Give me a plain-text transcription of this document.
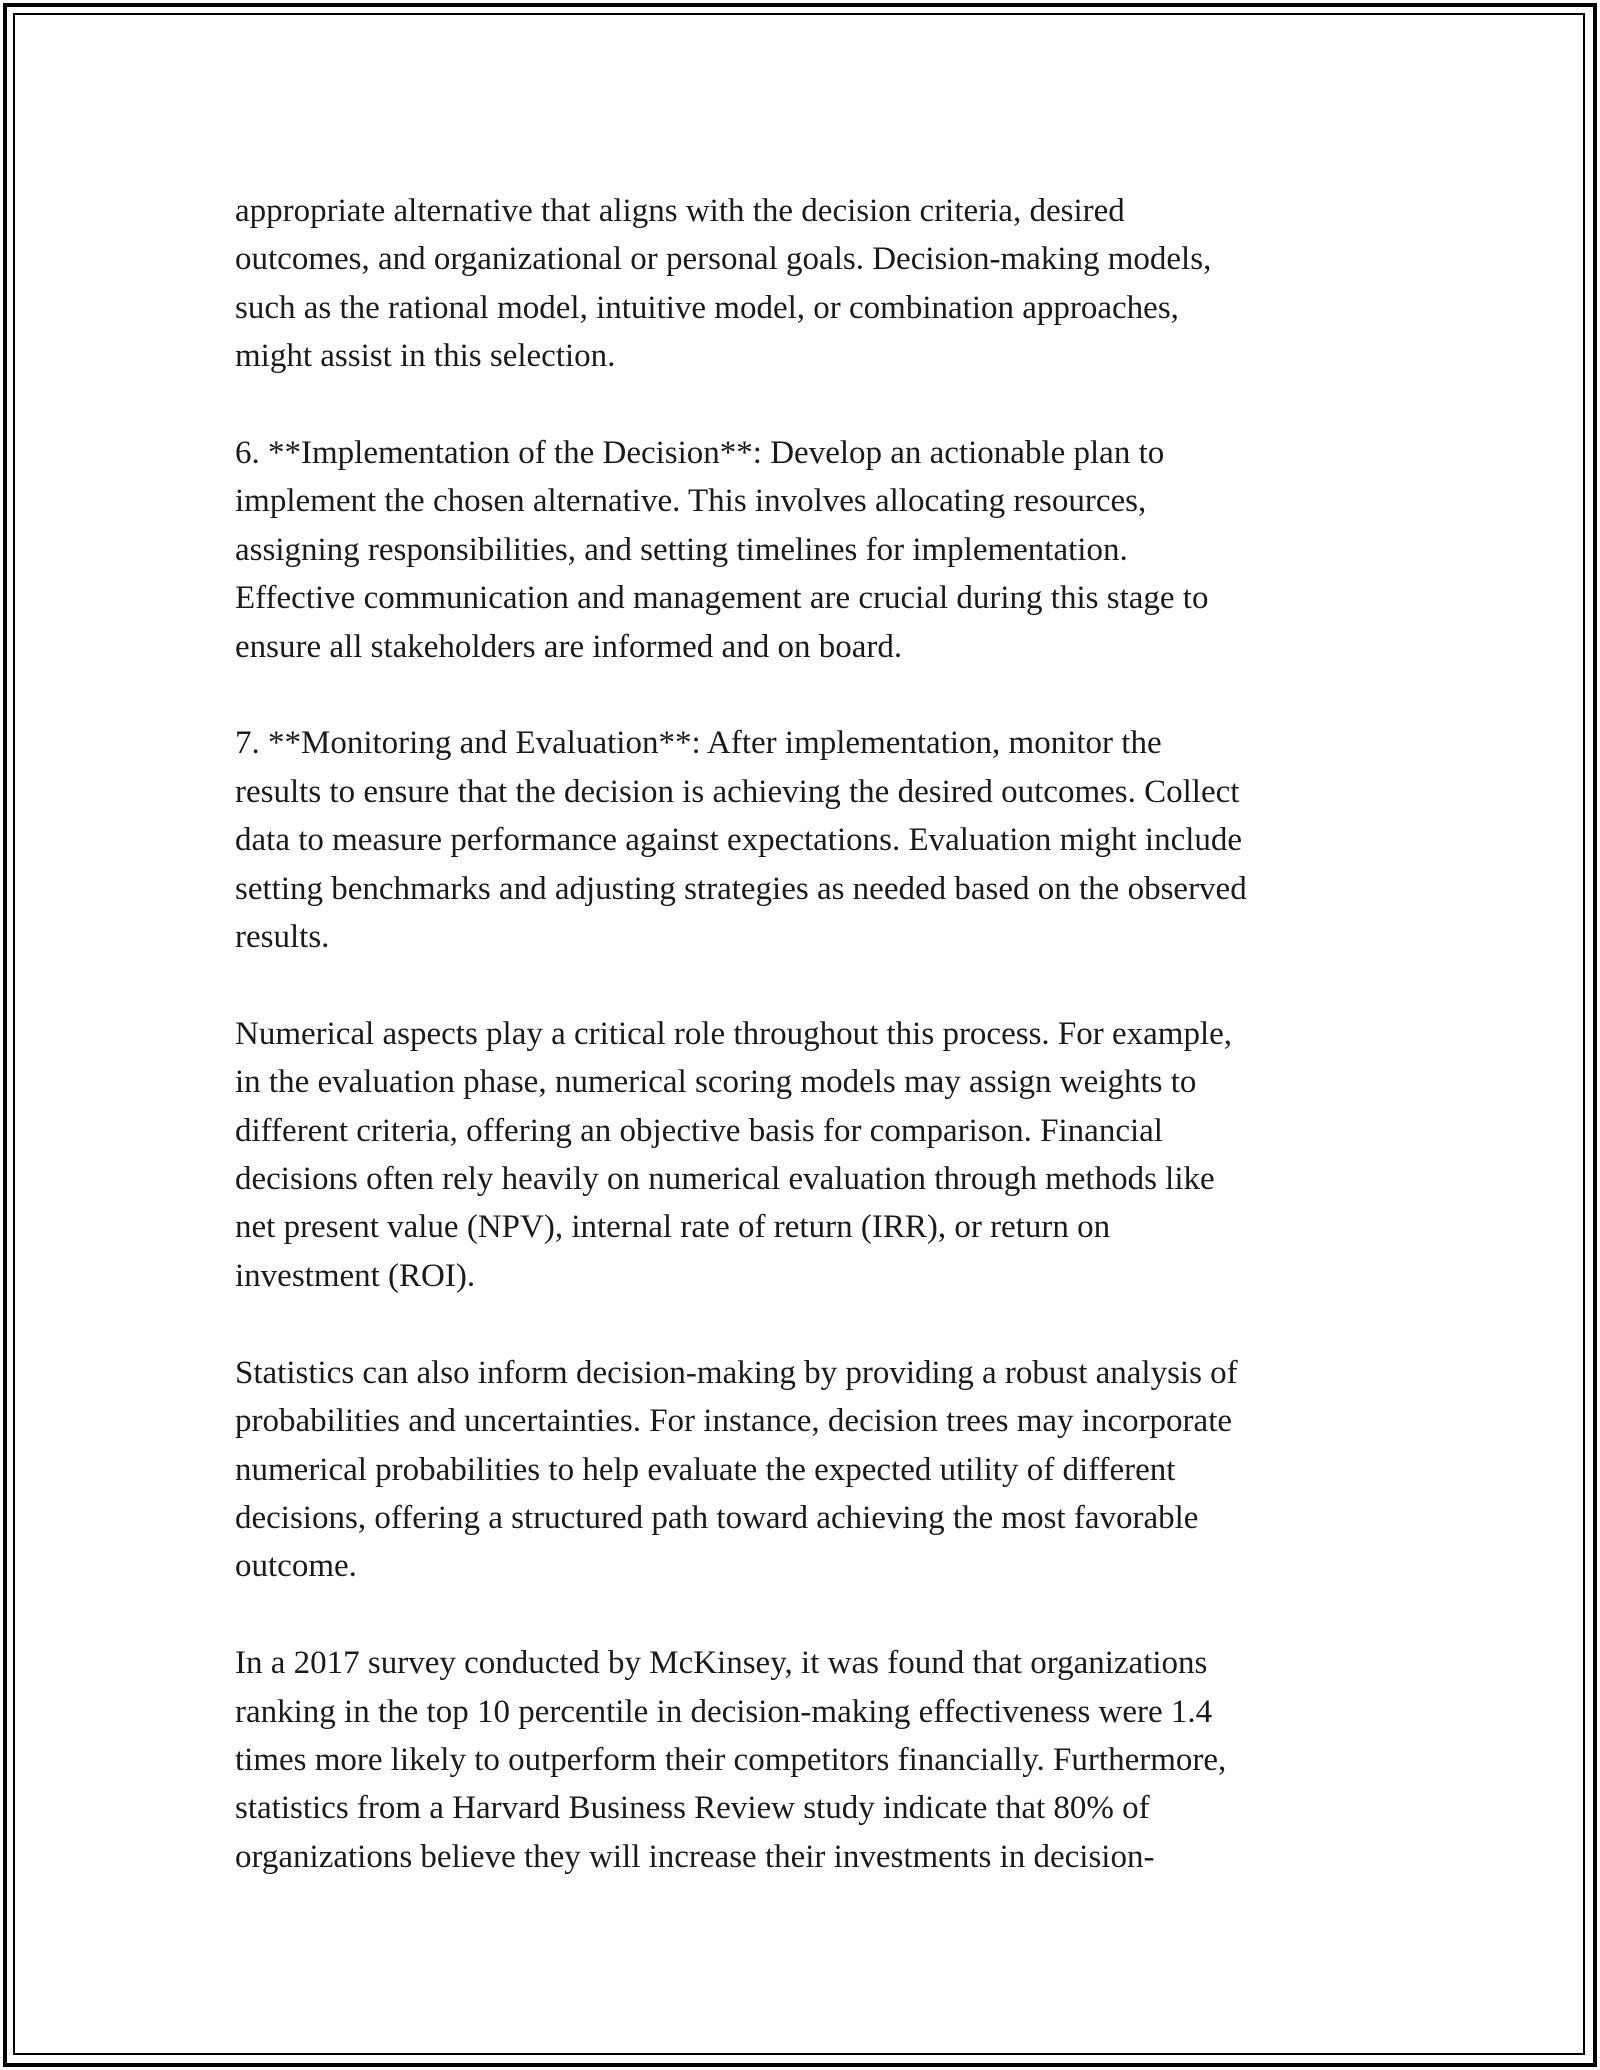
appropriate alternative that aligns with the decision criteria, desired
outcomes, and organizational or personal goals. Decision-making models,
such as the rational model, intuitive model, or combination approaches,
might assist in this selection.

6. **Implementation of the Decision**: Develop an actionable plan to
implement the chosen alternative. This involves allocating resources,
assigning responsibilities, and setting timelines for implementation.
Effective communication and management are crucial during this stage to
ensure all stakeholders are informed and on board.

7. **Monitoring and Evaluation**: After implementation, monitor the
results to ensure that the decision is achieving the desired outcomes. Collect
data to measure performance against expectations. Evaluation might include
setting benchmarks and adjusting strategies as needed based on the observed
results.

Numerical aspects play a critical role throughout this process. For example,
in the evaluation phase, numerical scoring models may assign weights to
different criteria, offering an objective basis for comparison. Financial
decisions often rely heavily on numerical evaluation through methods like
net present value (NPV), internal rate of return (IRR), or return on
investment (ROI).

Statistics can also inform decision-making by providing a robust analysis of
probabilities and uncertainties. For instance, decision trees may incorporate
numerical probabilities to help evaluate the expected utility of different
decisions, offering a structured path toward achieving the most favorable
outcome.

In a 2017 survey conducted by McKinsey, it was found that organizations
ranking in the top 10 percentile in decision-making effectiveness were 1.4
times more likely to outperform their competitors financially. Furthermore,
statistics from a Harvard Business Review study indicate that 80% of
organizations believe they will increase their investments in decision-
